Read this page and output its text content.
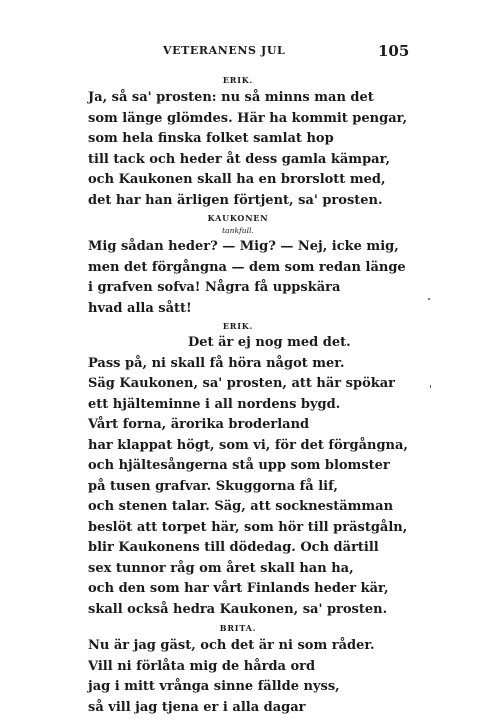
VETERANENS JUL	105
ERIK.
Ja, så sa' prosten: nu så minns man det
som länge glömdes. Här ha kommit pengar,
som hela finska folket samlat hop
till tack och heder åt dess gamla kämpar,
och Kaukonen skall ha en brorslott med,
det har han ärligen förtjent, sa' prosten.
KAUKONEN
tankfull.
Mig sådan heder? — Mig? — Nej, icke mig,
men det förgångna — dem som redan länge
i grafven sofva! Några få uppskära
hvad alla sått!
ERIK.
Det är ej nog med det.
Pass på, ni skall få höra något mer.
Säg Kaukonen, sa' prosten, att här spökar
ett hjälteminne i all nordens bygd.
Vårt forna, ärorika broderland
har klappat högt, som vi, för det förgångna,
och hjältesångerna stå upp som blomster
på tusen grafvar. Skuggorna få lif,
och stenen talar. Säg, att socknestämman
beslöt att torpet här, som hör till prästgåln,
blir Kaukonens till dödedag. Och därtill
sex tunnor råg om året skall han ha,
och den som har vårt Finlands heder kär,
skall också hedra Kaukonen, sa' prosten.
BRITA.
Nu är jag gäst, och det är ni som råder.
Vill ni förlåta mig de hårda ord
jag i mitt vrånga sinne fällde nyss,
så vill jag tjena er i alla dagar
